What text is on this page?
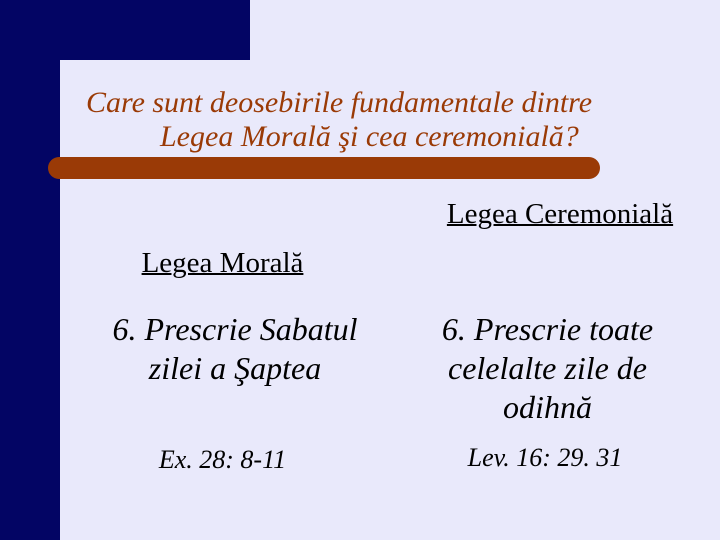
Care sunt deosebirile fundamentale dintre
Legea Morală şi cea ceremonială?
Legea Morală
Legea Ceremonială
6. Prescrie Sabatul zilei a Şaptea
6. Prescrie toate celelalte zile de odihnă
Ex. 28: 8-11	Lev. 16: 29. 31
